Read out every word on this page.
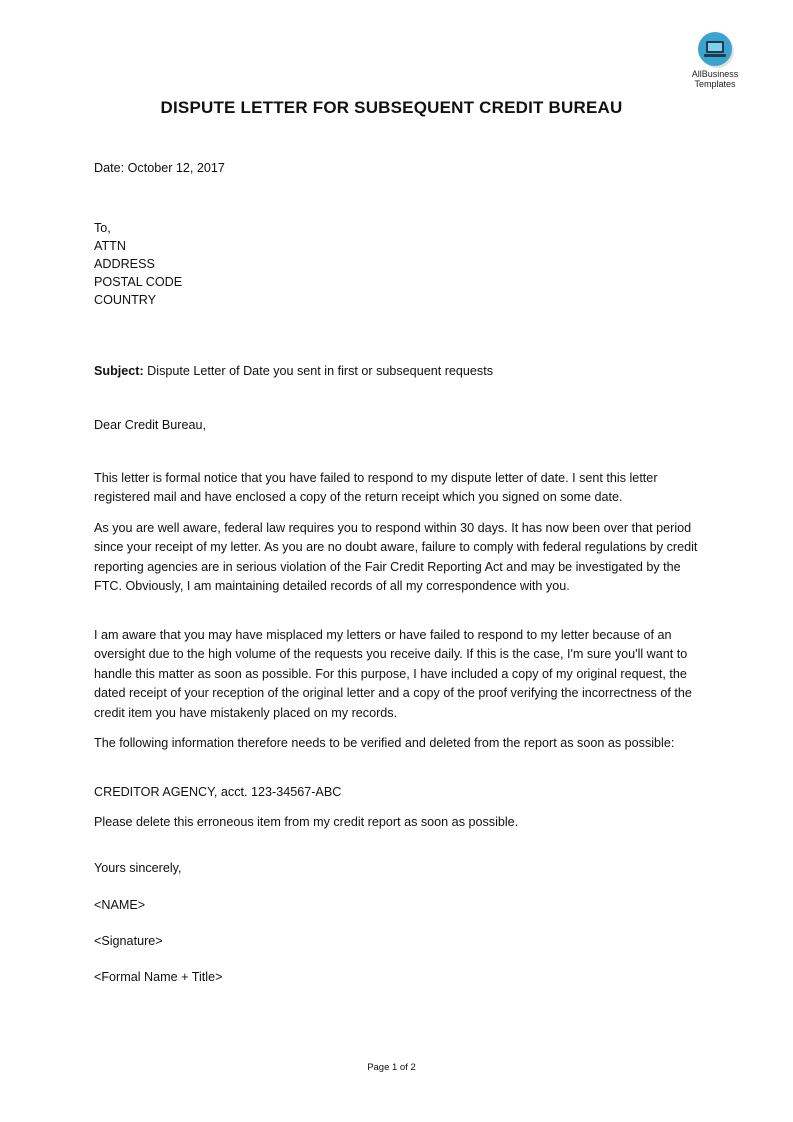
AllBusiness
Templates
DISPUTE LETTER FOR SUBSEQUENT CREDIT BUREAU
Date: October 12, 2017
To,
ATTN
ADDRESS
POSTAL CODE
COUNTRY
Subject: Dispute Letter of Date you sent in first or subsequent requests
Dear Credit Bureau,
This letter is formal notice that you have failed to respond to my dispute letter of date. I sent this letter registered mail and have enclosed a copy of the return receipt which you signed on some date.
As you are well aware, federal law requires you to respond within 30 days. It has now been over that period since your receipt of my letter. As you are no doubt aware, failure to comply with federal regulations by credit reporting agencies are in serious violation of the Fair Credit Reporting Act and may be investigated by the FTC. Obviously, I am maintaining detailed records of all my correspondence with you.
I am aware that you may have misplaced my letters or have failed to respond to my letter because of an oversight due to the high volume of the requests you receive daily. If this is the case, I'm sure you'll want to handle this matter as soon as possible. For this purpose, I have included a copy of my original request, the dated receipt of your reception of the original letter and a copy of the proof verifying the incorrectness of the credit item you have mistakenly placed on my records.
The following information therefore needs to be verified and deleted from the report as soon as possible:
CREDITOR AGENCY, acct. 123-34567-ABC
Please delete this erroneous item from my credit report as soon as possible.
Yours sincerely,
<NAME>
<Signature>
<Formal Name + Title>
Page 1 of 2
